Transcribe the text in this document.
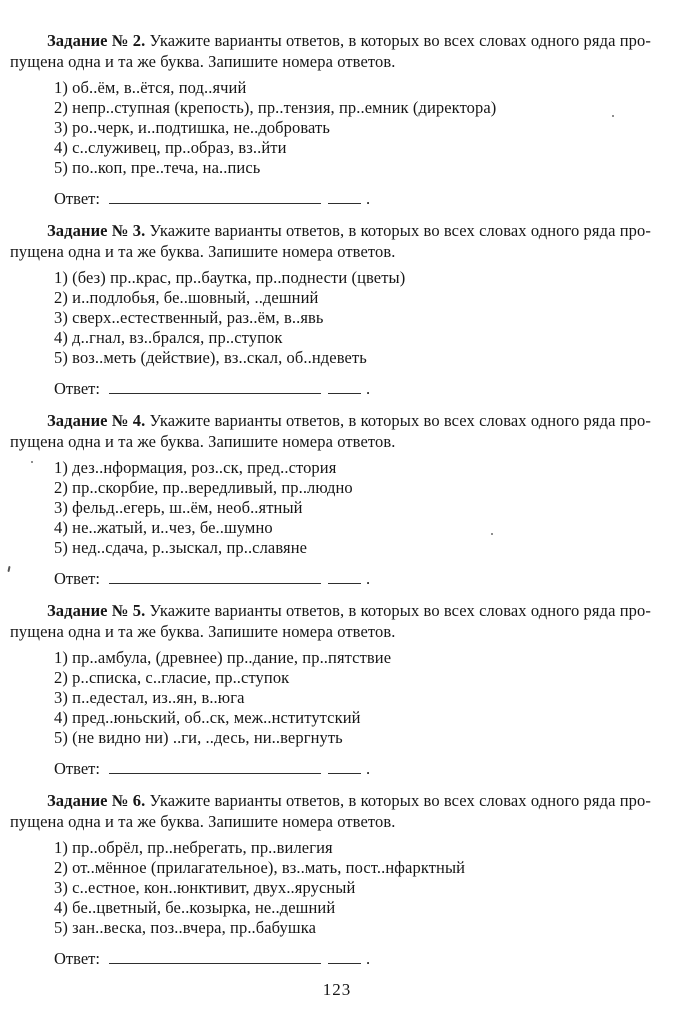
Задание № 2. Укажите варианты ответов, в которых во всех словах одного ряда про-
пущена одна и та же буква. Запишите номера ответов.

1) об..ём, в..ётся, под..ячий
2) непр..ступная (крепость), пр..тензия, пр..емник (директора)
3) ро..черк, и..подтишка, не..добровать
4) с..служивец, пр..образ, вз..йти
5) по..коп, пре..теча, на..пись
Ответ:	.

Задание № 3. Укажите варианты ответов, в которых во всех словах одного ряда про-
пущена одна и та же буква. Запишите номера ответов.

1) (без) пр..крас, пр..баутка, пр..поднести (цветы)
2) и..подлобья, бе..шовный, ..дешний
3) сверх..естественный, раз..ём, в..явь
4) д..гнал, вз..брался, пр..ступок
5) воз..меть (действие), вз..скал, об..ндеветь
Ответ:	.

Задание № 4. Укажите варианты ответов, в которых во всех словах одного ряда про-
пущена одна и та же буква. Запишите номера ответов.

1) дез..нформация, роз..ск, пред..стория
2) пр..скорбие, пр..вередливый, пр..людно
3) фельд..егерь, ш..ём, необ..ятный
4) не..жатый, и..чез, бе..шумно
5) нед..сдача, р..зыскал, пр..славяне
Ответ:	.

Задание № 5. Укажите варианты ответов, в которых во всех словах одного ряда про-
пущена одна и та же буква. Запишите номера ответов.

1) пр..амбула, (древнее) пр..дание, пр..пятствие
2) р..списка, с..гласие, пр..ступок
3) п..едестал, из..ян, в..юга
4) пред..юньский, об..ск, меж..нститутский
5) (не видно ни) ..ги, ..десь, ни..вергнуть
Ответ:	.

Задание № 6. Укажите варианты ответов, в которых во всех словах одного ряда про-
пущена одна и та же буква. Запишите номера ответов.

1) пр..обрёл, пр..небрегать, пр..вилегия
2) от..мённое (прилагательное), вз..мать, пост..нфарктный
3) с..естное, кон..юнктивит, двух..ярусный
4) бе..цветный, бе..козырка, не..дешний
5) зан..веска, поз..вчера, пр..бабушка
Ответ:	.
123
